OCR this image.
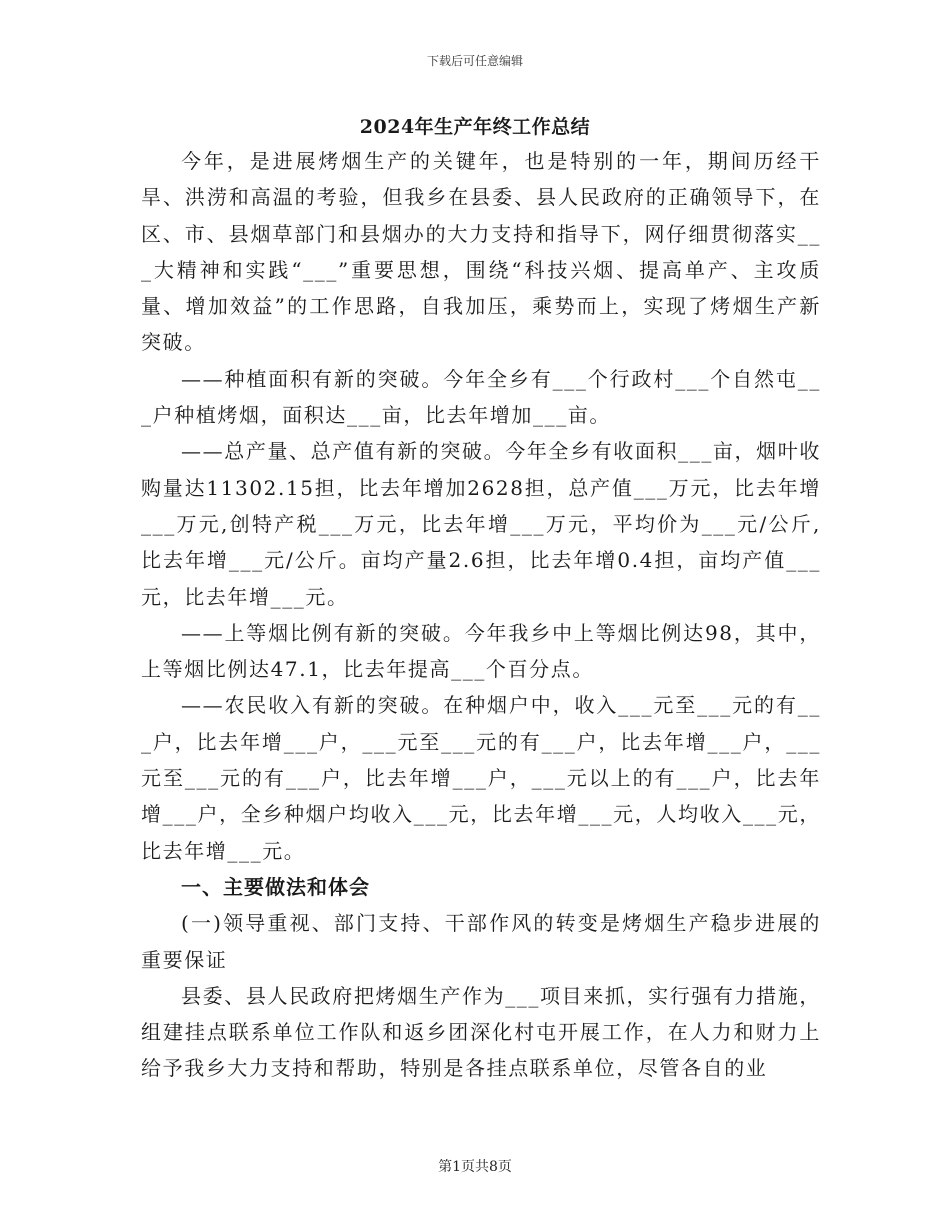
下载后可任意编辑
2024年生产年终工作总结

今年，是进展烤烟生产的关键年，也是特别的一年，期间历经干旱、洪涝和高温的考验，但我乡在县委、县人民政府的正确领导下，在区、市、县烟草部门和县烟办的大力支持和指导下，网仔细贯彻落实___大精神和实践“___”重要思想，围绕“科技兴烟、提高单产、主攻质量、增加效益”的工作思路，自我加压，乘势而上，实现了烤烟生产新突破。

——种植面积有新的突破。今年全乡有___个行政村___个自然屯___户种植烤烟，面积达___亩，比去年增加___亩。

——总产量、总产值有新的突破。今年全乡有收面积___亩，烟叶收购量达11302.15担，比去年增加2628担，总产值___万元，比去年增___万元,创特产税___万元，比去年增___万元，平均价为___元/公斤,比去年增___元/公斤。亩均产量2.6担，比去年增0.4担，亩均产值___元，比去年增___元。

——上等烟比例有新的突破。今年我乡中上等烟比例达98，其中，上等烟比例达47.1，比去年提高___个百分点。

——农民收入有新的突破。在种烟户中，收入___元至___元的有___户，比去年增___户，___元至___元的有___户，比去年增___户，___元至___元的有___户，比去年增___户，___元以上的有___户，比去年增___户，全乡种烟户均收入___元，比去年增___元，人均收入___元，比去年增___元。

一、主要做法和体会

(一)领导重视、部门支持、干部作风的转变是烤烟生产稳步进展的重要保证

县委、县人民政府把烤烟生产作为___项目来抓，实行强有力措施，组建挂点联系单位工作队和返乡团深化村屯开展工作，在人力和财力上给予我乡大力支持和帮助，特别是各挂点联系单位，尽管各自的业

第1页共8页
